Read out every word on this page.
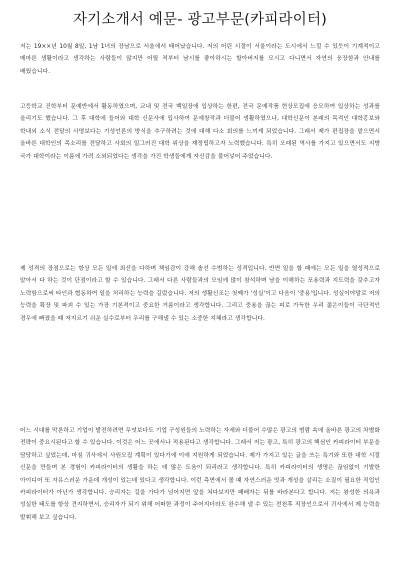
자기소개서 예문- 광고부문(카피라이터)

저는 19××년 10월 8일, 1남 1녀의 장남으로 서울에서 태어났습니다. 저의 어린 시절이 서울이라는 도시에서 느낄 수 있듯이 기계적이고 메마른 생활이라고 생각하는 사람들이 많지만 어릴 적부터 남시를 좋아하시는 할아버지를 모시고 다니면서 자연의 웅장함과 안내를 배웠습니다.

고등학교 진학부터 문예반에서 활동하였으며, 교내 및 전국 백일장에 입상하는 한편, 전국 문예작품 현상모집에 응모하여 입상하는 성과를 올리기도 했습니다. 그 후 대학에 들어와 대학 신문사에 입사하여 문예창작과 더불어 생활하였으나, 대학신문이 본래의 목적인 대학홍보와 학내외 소식 전달의 사명보다는 기성언론의 방식을 추구하려는 것에 대해 다소 회의를 느끼게 되었습니다. 그래서 제가 편집장을 맡으면서 올바른 대학인의 목소리를 전달하고 사회의 일그러진 대학 위상을 재정립하고자 노력했습니다. 특히 오래된 역사를 가지고 있으면서도 지방 국가 대학이라는 이름에 가려 소외되었다는 생각을 가진 학생들에게 자신감을 불어넣어 주었습니다.

제 성격의 장점으로는 항상 모든 일에 최선을 다하며 책임감이 강해 솔선 수범하는 성격입니다. 반면 일을 할 때에는 모든 일을 열성적으로 맡아서 다 하는 것이 단점이라고 할 수 있습니다. 그래서 다른 사람들과의 모임에 많이 참석하며 남을 이해하는 포용력과 지도력을 갖추고자 노력함으로써 타인과 협동하여 일을 처리하는 능력을 길렀습니다. 저의 생활신조는 첫째가 '성실'이고 다음이 '중용'입니다. 성실이야말로 저의 능력을 확장 및 파괴 수 있는 가장 기본적이고 중요한 거름이라고 생각합니다. 그리고 중용을 끊는 피로 가득한 우리 젊은이들이 극단적인 경우에 빠졌을 때 저지르기 쉬운 실수로부터 우리를 구해낼 수 있는 소중한 지혜라고 생각합니다.

어느 시대를 막론하고 기업이 발전하려면 무엇보다도 기업 구성원들의 노력하는 자세와 더불어 수많은 광고의 범람 속에 올바른 광고의 차별화 전략이 중요시된다고 할 수 있습니다. 이것은 어느 곳에서나 적용된다고 생각합니다. 그래서 저는 광고, 특히 광고의 핵심인 카피라이터 부문을 담당하고 싶었는데, 마침 귀사에서 사원모집 계획이 있다기에 이에 지원하게 되었습니다. 제가 가지고 있는 글을 쓰는 특기와 또한 대학 시절 신문을 만들며 본 경험이 카피라이터의 생활을 하는 데 많은 도움이 되리라고 생각합니다. 특히 카피라이터의 생명은 끊임없이 기발한 아이디어 또 자유스러운 가운데 개성이 있는데 있다고 생각합니다. 이런 측면에서 볼 때 자연스러운 멋과 개성을 살리는 소질이 필요한 직업인 카피라이터가 아닌가 생각합니다. 승리자는 길을 가다가 넘어지면 앞을 쳐다보지만 패배자는 뒤를 바라본다고 합니다. 저는 왕성한 의욕과 성실한 태도를 항상 견지하면서, 승리자가 되기 위해 어떠한 과정이 주어지더라도 완수해 낼 수 있는 전천후 직장인으로서 귀사에서 제 능력을 발휘해 보고 싶습니다.
